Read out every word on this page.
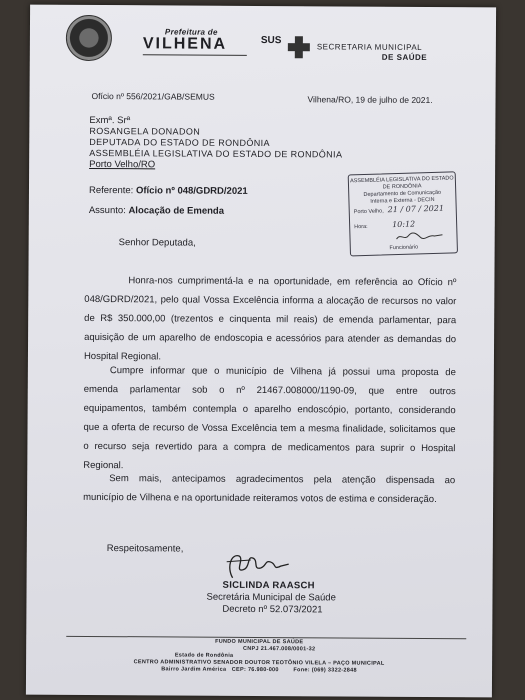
Prefeitura de
VILHENA	SUS
SECRETARIA MUNICIPAL
DE SAÚDE
Ofício nº 556/2021/GAB/SEMUS	Vilhena/RO, 19 de julho de 2021.
Exmª. Srª
ROSANGELA DONADON
DEPUTADA DO ESTADO DE RONDÔNIA
ASSEMBLÉIA LEGISLATIVA DO ESTADO DE RONDÔNIA
Porto Velho/RO
Referente: Ofício nº 048/GDRD/2021
Assunto: Alocação de Emenda
ASSEMBLÉIA LEGISLATIVA DO ESTADO
DE RONDÔNIA
Departamento de Comunicação
Interna e Externa - DECIN
Porto Velho, 21 / 07 / 2021
Hora:	10:12
Funcionário
Senhor Deputada,
Honra-nos cumprimentá-la e na oportunidade, em referência ao Ofício nº
048/GDRD/2021, pelo qual Vossa Excelência informa a alocação de recursos no valor
de R$ 350.000,00 (trezentos e cinquenta mil reais) de emenda parlamentar, para
aquisição de um aparelho de endoscopia e acessórios para atender as demandas do
Hospital Regional.
Cumpre informar que o município de Vilhena já possui uma proposta de
emenda parlamentar sob o nº 21467.008000/1190-09, que entre outros
equipamentos, também contempla o aparelho endoscópio, portanto, considerando
que a oferta de recurso de Vossa Excelência tem a mesma finalidade, solicitamos que
o recurso seja revertido para a compra de medicamentos para suprir o Hospital
Regional.
Sem mais, antecipamos agradecimentos pela atenção dispensada ao
município de Vilhena e na oportunidade reiteramos votos de estima e consideração.
Respeitosamente,
SICLINDA RAASCH
Secretária Municipal de Saúde
Decreto nº 52.073/2021
FUNDO MUNICIPAL DE SAÚDE
CNPJ 21.467.008/0001-32
Estado de Rondônia
CENTRO ADMINISTRATIVO SENADOR DOUTOR TEOTÔNIO VILELA – PAÇO MUNICIPAL
Bairro Jardim América   CEP: 76.980-000        Fone: (069) 3322-2848
